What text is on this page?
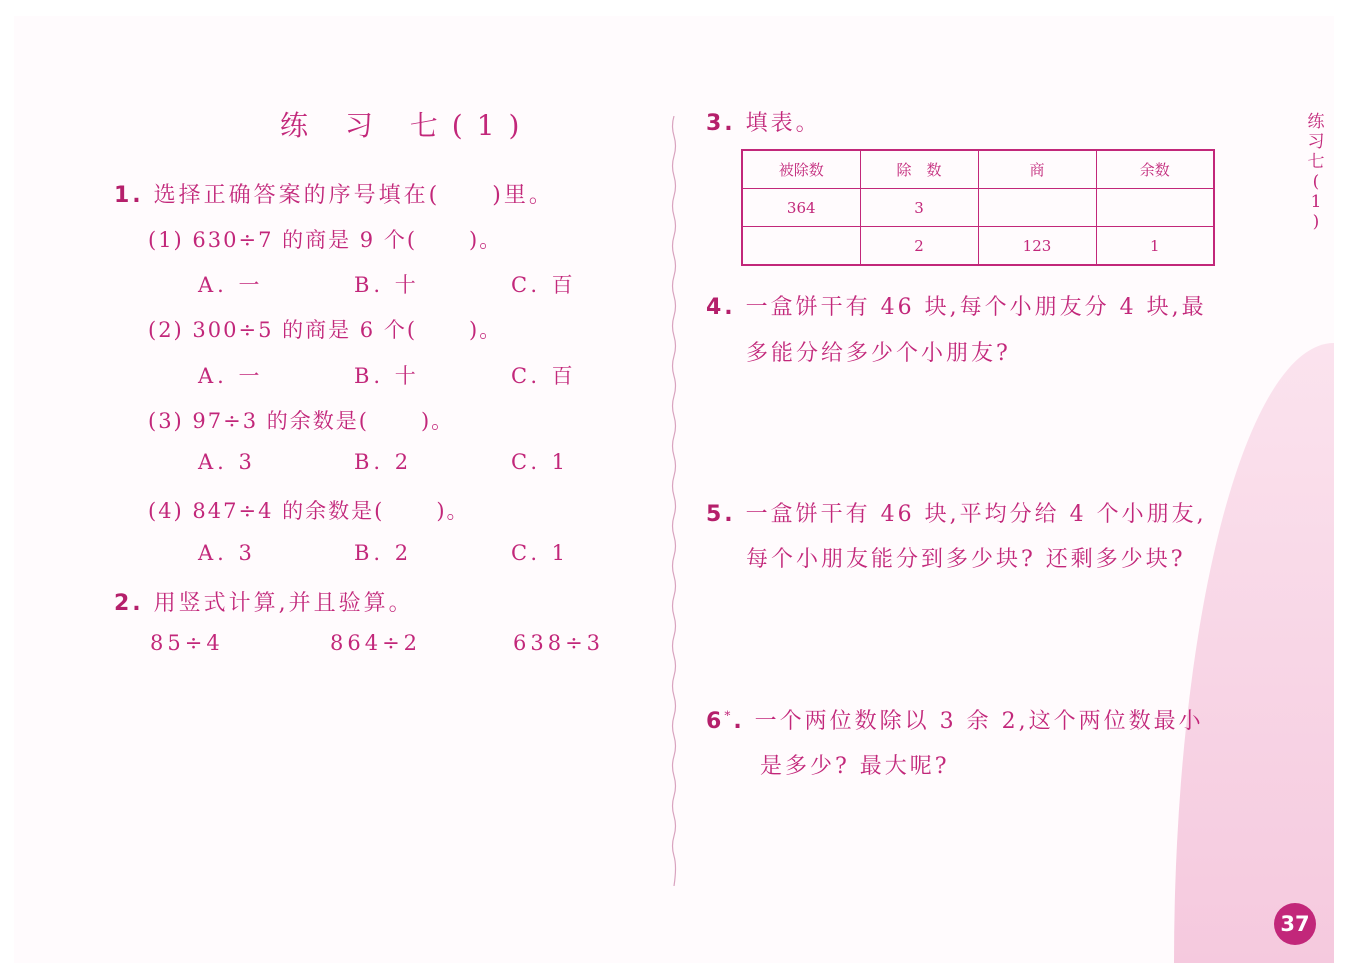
练 习 七(1)
1. 选择正确答案的序号填在( )里。
(1) 630÷7 的商是 9 个( )。
A. 一	B. 十	C. 百
(2) 300÷5 的商是 6 个( )。
A. 一	B. 十	C. 百
(3) 97÷3 的余数是( )。
A. 3	B. 2	C. 1
(4) 847÷4 的余数是( )。
A. 3	B. 2	C. 1
2. 用竖式计算,并且验算。
85÷4	864÷2	638÷3
3. 填表。
被除数	除　数	商	余数
364	3		
	2	123	1
4. 一盒饼干有 46 块,每个小朋友分 4 块,最
多能分给多少个小朋友?
5. 一盒饼干有 46 块,平均分给 4 个小朋友,
每个小朋友能分到多少块? 还剩多少块?
6*. 一个两位数除以 3 余 2,这个两位数最小
是多少? 最大呢?
练
习
七
(
1
)
37
